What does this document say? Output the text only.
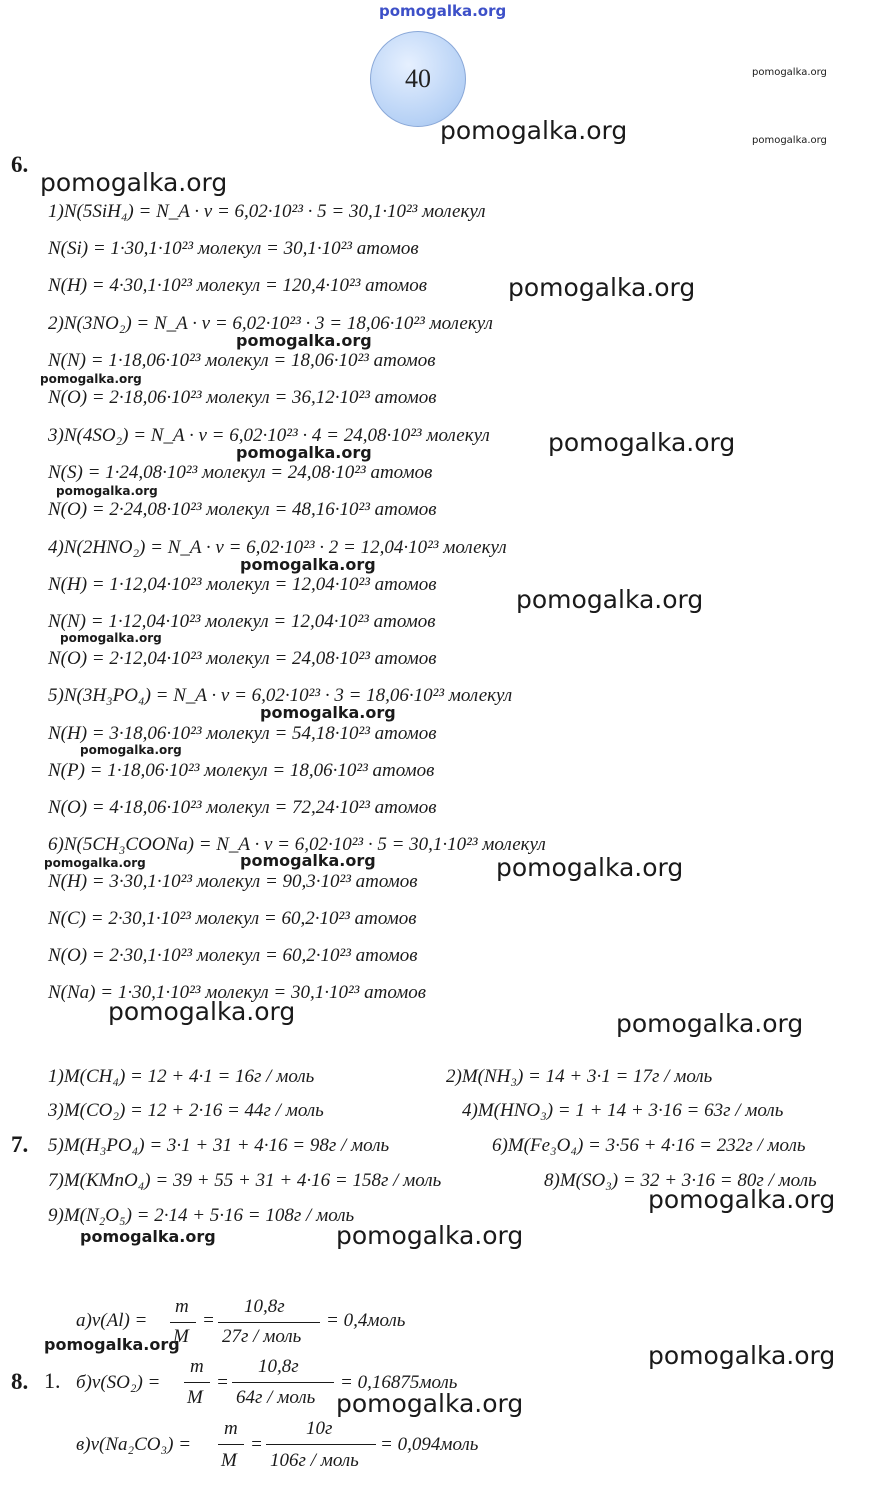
pomogalka.org
40	pomogalka.org
pomogalka.org	pomogalka.org
pomogalka.org
pomogalka.org
pomogalka.org
pomogalka.org
pomogalka.org
pomogalka.org
pomogalka.org
pomogalka.org
pomogalka.org
pomogalka.org
pomogalka.org
pomogalka.org
pomogalka.org	pomogalka.org	pomogalka.org
pomogalka.org	pomogalka.org
pomogalka.org
pomogalka.org	pomogalka.org
pomogalka.org	pomogalka.org
pomogalka.org
6.
1)N(5SiH₄) = N_A · ν = 6,02·10²³ · 5 = 30,1·10²³ молекул
N(Si) = 1·30,1·10²³ молекул = 30,1·10²³ атомов
N(H) = 4·30,1·10²³ молекул = 120,4·10²³ атомов
2)N(3NO₂) = N_A · ν = 6,02·10²³ · 3 = 18,06·10²³ молекул
N(N) = 1·18,06·10²³ молекул = 18,06·10²³ атомов
N(O) = 2·18,06·10²³ молекул = 36,12·10²³ атомов
3)N(4SO₂) = N_A · ν = 6,02·10²³ · 4 = 24,08·10²³ молекул
N(S) = 1·24,08·10²³ молекул = 24,08·10²³ атомов
N(O) = 2·24,08·10²³ молекул = 48,16·10²³ атомов
4)N(2HNO₂) = N_A · ν = 6,02·10²³ · 2 = 12,04·10²³ молекул
N(H) = 1·12,04·10²³ молекул = 12,04·10²³ атомов
N(N) = 1·12,04·10²³ молекул = 12,04·10²³ атомов
N(O) = 2·12,04·10²³ молекул = 24,08·10²³ атомов
5)N(3H₃PO₄) = N_A · ν = 6,02·10²³ · 3 = 18,06·10²³ молекул
N(H) = 3·18,06·10²³ молекул = 54,18·10²³ атомов
N(P) = 1·18,06·10²³ молекул = 18,06·10²³ атомов
N(O) = 4·18,06·10²³ молекул = 72,24·10²³ атомов
6)N(5CH₃COONa) = N_A · ν = 6,02·10²³ · 5 = 30,1·10²³ молекул
N(H) = 3·30,1·10²³ молекул = 90,3·10²³ атомов
N(C) = 2·30,1·10²³ молекул = 60,2·10²³ атомов
N(O) = 2·30,1·10²³ молекул = 60,2·10²³ атомов
N(Na) = 1·30,1·10²³ молекул = 30,1·10²³ атомов
7.
1)M(CH₄) = 12 + 4·1 = 16г / моль	2)M(NH₃) = 14 + 3·1 = 17г / моль
3)M(CO₂) = 12 + 2·16 = 44г / моль	4)M(HNO₃) = 1 + 14 + 3·16 = 63г / моль
5)M(H₃PO₄) = 3·1 + 31 + 4·16 = 98г / моль	6)M(Fe₃O₄) = 3·56 + 4·16 = 232г / моль
7)M(KMnO₄) = 39 + 55 + 31 + 4·16 = 158г / моль	8)M(SO₃) = 32 + 3·16 = 80г / моль
9)M(N₂O₅) = 2·14 + 5·16 = 108г / моль
8. 1.
а)ν(Al) =
m
M
=
10,8г
27г / моль
= 0,4моль
б)ν(SO₂) =
m
M
=
10,8г
64г / моль
= 0,16875моль
в)ν(Na₂CO₃) =
m
M
=
10г
106г / моль
= 0,094моль
